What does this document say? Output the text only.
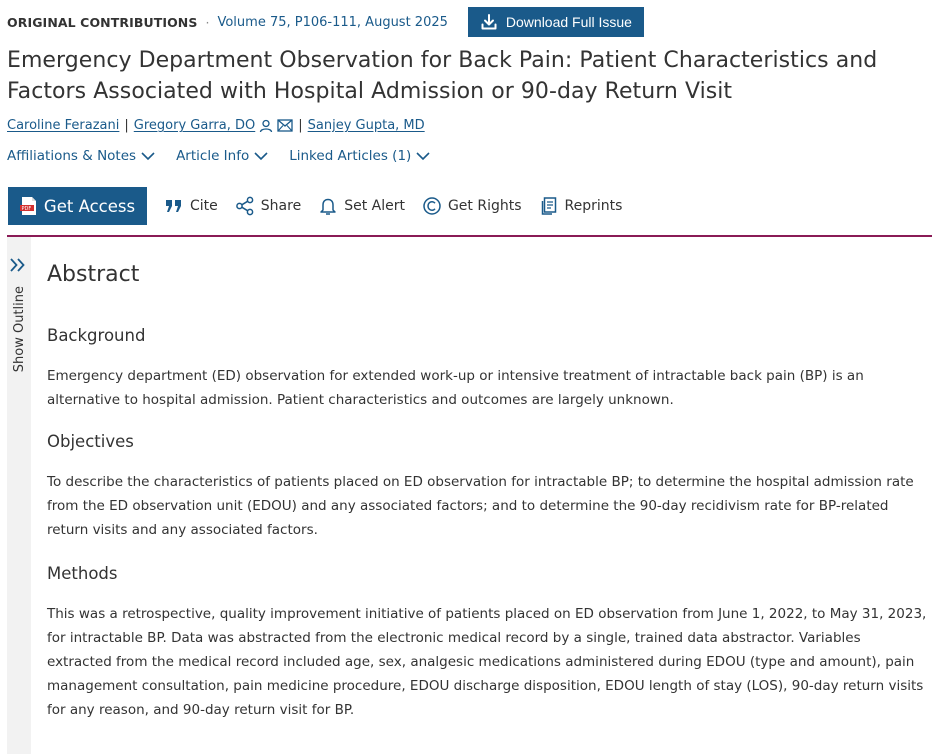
ORIGINAL CONTRIBUTIONS · Volume 75, P106-111, August 2025	Download Full Issue
Emergency Department Observation for Back Pain: Patient Characteristics and Factors Associated with Hospital Admission or 90-day Return Visit
Caroline Ferazani | Gregory Garra, DO	| Sanjey Gupta, MD
Affiliations & Notes	Article Info	Linked Articles (1)
PDF Get Access	Cite	Share	Set Alert	Get Rights	Reprints
Show Outline
Abstract
Background

Emergency department (ED) observation for extended work-up or intensive treatment of intractable back pain (BP) is an alternative to hospital admission. Patient characteristics and outcomes are largely unknown.

Objectives

To describe the characteristics of patients placed on ED observation for intractable BP; to determine the hospital admission rate from the ED observation unit (EDOU) and any associated factors; and to determine the 90-day recidivism rate for BP-related return visits and any associated factors.

Methods

This was a retrospective, quality improvement initiative of patients placed on ED observation from June 1, 2022, to May 31, 2023, for intractable BP. Data was abstracted from the electronic medical record by a single, trained data abstractor. Variables extracted from the medical record included age, sex, analgesic medications administered during EDOU (type and amount), pain management consultation, pain medicine procedure, EDOU discharge disposition, EDOU length of stay (LOS), 90-day return visits for any reason, and 90-day return visit for BP.
